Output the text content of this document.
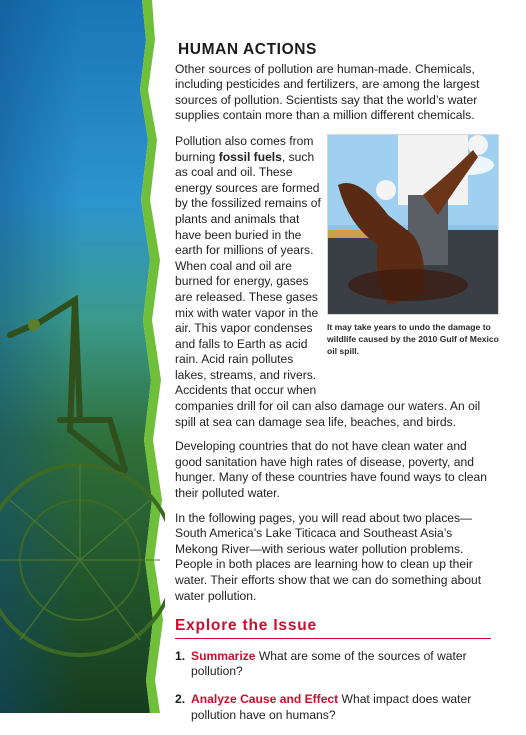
HUMAN ACTIONS

Other sources of pollution are human-made. Chemicals, including pesticides and fertilizers, are among the largest sources of pollution. Scientists say that the world’s water supplies contain more than a million different chemicals.

Pollution also comes from burning fossil fuels, such as coal and oil. These energy sources are formed by the fossilized remains of plants and animals that have been buried in the earth for millions of years. When coal and oil are burned for energy, gases are released. These gases mix with water vapor in the air. This vapor condenses and falls to Earth as acid rain. Acid rain pollutes lakes, streams, and rivers. Accidents that occur when

It may take years to undo the damage to wildlife caused by the 2010 Gulf of Mexico oil spill.

companies drill for oil can also damage our waters. An oil spill at sea can damage sea life, beaches, and birds.

Developing countries that do not have clean water and good sanitation have high rates of disease, poverty, and hunger. Many of these countries have found ways to clean their polluted water.

In the following pages, you will read about two places—South America’s Lake Titicaca and Southeast Asia’s Mekong River—with serious water pollution problems. People in both places are learning how to clean up their water. Their efforts show that we can do something about water pollution.

Explore the Issue
1. Summarize What are some of the sources of water pollution?
2. Analyze Cause and Effect What impact does water pollution have on humans?
